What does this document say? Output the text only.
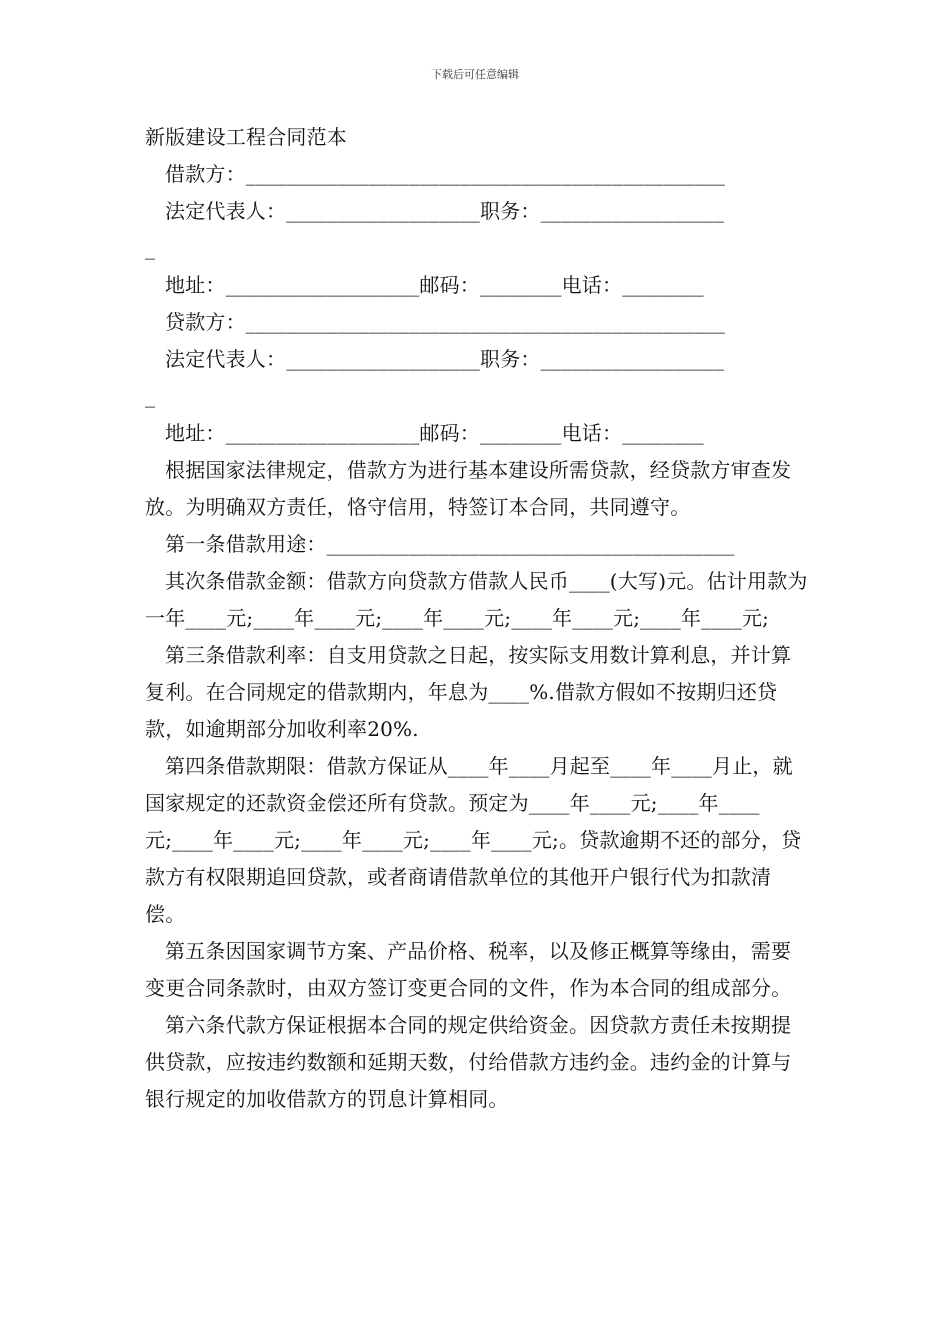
下载后可任意编辑

新版建设工程合同范本

借款方：_______________________________________________

法定代表人：___________________职务：__________________

_

地址：___________________邮码：________电话：________

贷款方：_______________________________________________

法定代表人：___________________职务：__________________

_

地址：___________________邮码：________电话：________

根据国家法律规定，借款方为进行基本建设所需贷款，经贷款方审查发放。为明确双方责任，恪守信用，特签订本合同，共同遵守。

第一条借款用途：________________________________________

其次条借款金额：借款方向贷款方借款人民币____(大写)元。估计用款为一年____元;____年____元;____年____元;____年____元;____年____元;

第三条借款利率：自支用贷款之日起，按实际支用数计算利息，并计算复利。在合同规定的借款期内，年息为____%.借款方假如不按期归还贷款，如逾期部分加收利率20%.

第四条借款期限：借款方保证从____年____月起至____年____月止，就国家规定的还款资金偿还所有贷款。预定为____年____元;____年____元;____年____元;____年____元;____年____元;。贷款逾期不还的部分，贷款方有权限期追回贷款，或者商请借款单位的其他开户银行代为扣款清偿。

第五条因国家调节方案、产品价格、税率，以及修正概算等缘由，需要变更合同条款时，由双方签订变更合同的文件，作为本合同的组成部分。

第六条代款方保证根据本合同的规定供给资金。因贷款方责任未按期提供贷款，应按违约数额和延期天数，付给借款方违约金。违约金的计算与银行规定的加收借款方的罚息计算相同。
